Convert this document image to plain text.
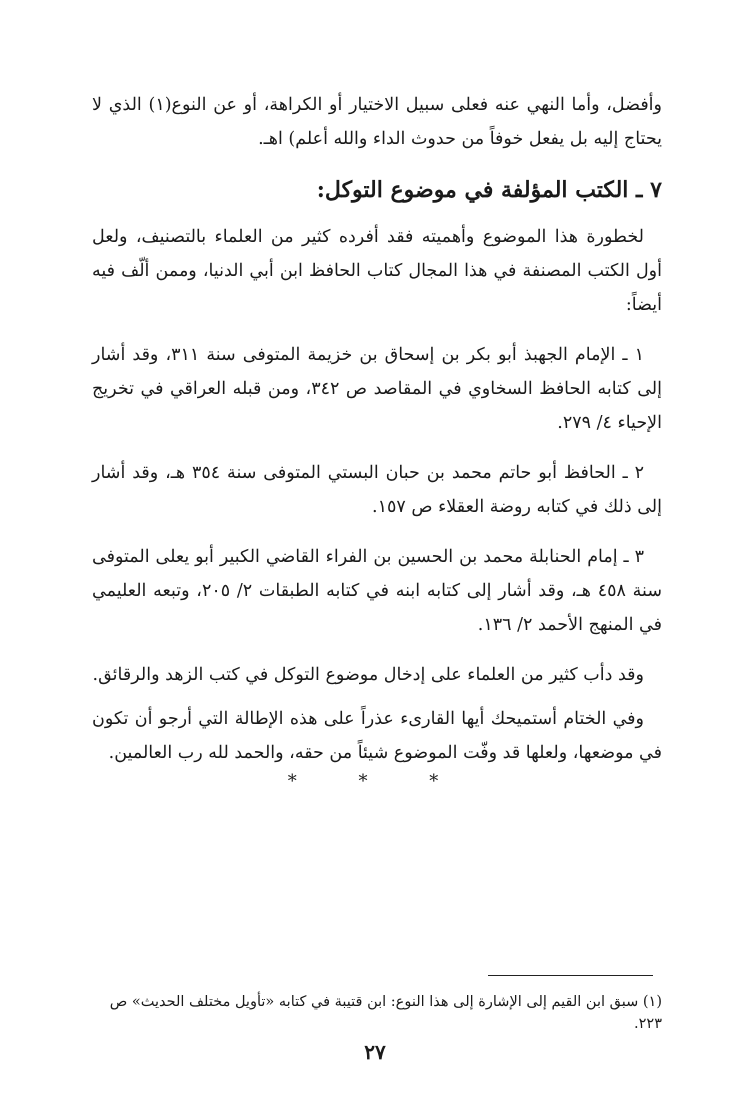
وأفضل، وأما النهي عنه فعلى سبيل الاختيار أو الكراهة، أو عن النوع(١) الذي لا يحتاج إليه بل يفعل خوفاً من حدوث الداء والله أعلم) اهـ.

٧ ـ الكتب المؤلفة في موضوع التوكل:

لخطورة هذا الموضوع وأهميته فقد أفرده كثير من العلماء بالتصنيف، ولعل أول الكتب المصنفة في هذا المجال كتاب الحافظ ابن أبي الدنيا، وممن ألّف فيه أيضاً:

١ ـ الإمام الجهبذ أبو بكر بن إسحاق بن خزيمة المتوفى سنة ٣١١، وقد أشار إلى كتابه الحافظ السخاوي في المقاصد ص ٣٤٢، ومن قبله العراقي في تخريج الإحياء ٤/ ٢٧٩.

٢ ـ الحافظ أبو حاتم محمد بن حبان البستي المتوفى سنة ٣٥٤ هـ، وقد أشار إلى ذلك في كتابه روضة العقلاء ص ١٥٧.

٣ ـ إمام الحنابلة محمد بن الحسين بن الفراء القاضي الكبير أبو يعلى المتوفى سنة ٤٥٨ هـ، وقد أشار إلى كتابه ابنه في كتابه الطبقات ٢/ ٢٠٥، وتبعه العليمي في المنهج الأحمد ٢/ ١٣٦.

وقد دأب كثير من العلماء على إدخال موضوع التوكل في كتب الزهد والرقائق.

وفي الختام أستميحك أيها القارىء عذراً على هذه الإطالة التي أرجو أن تكون في موضعها، ولعلها قد وفّت الموضوع شيئاً من حقه، والحمد لله رب العالمين.

* * *
(١) سبق ابن القيم إلى الإشارة إلى هذا النوع: ابن قتيبة في كتابه «تأويل مختلف الحديث» ص ٢٢٣.
٢٧
